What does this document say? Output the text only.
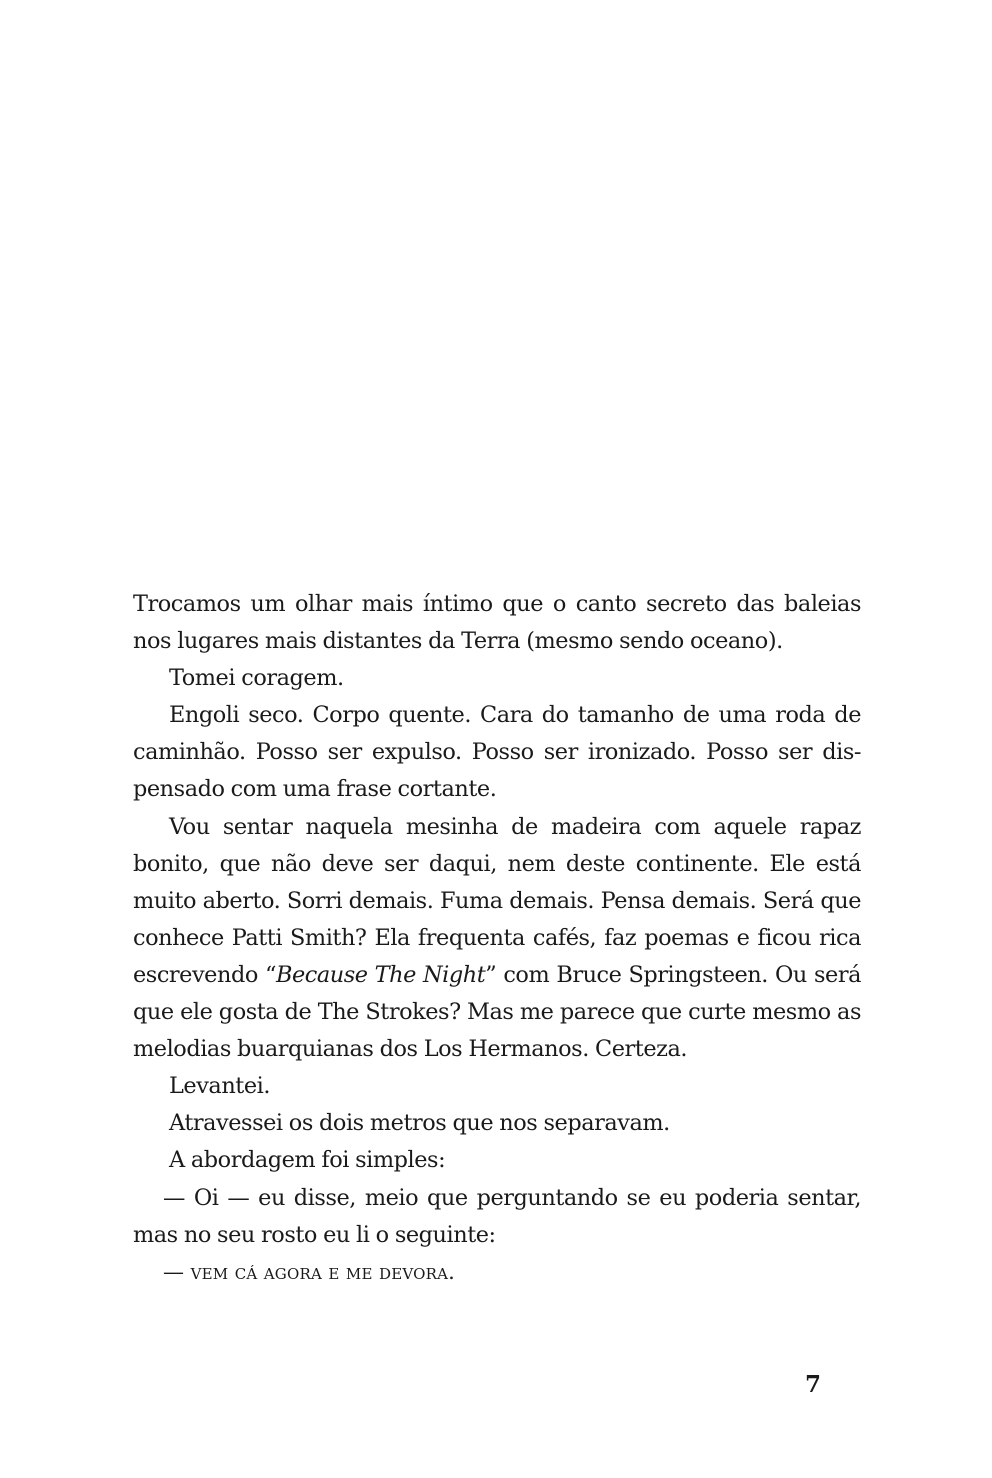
Trocamos um olhar mais íntimo que o canto secreto das baleias
nos lugares mais distantes da Terra (mesmo sendo oceano).
Tomei coragem.
Engoli seco. Corpo quente. Cara do tamanho de uma roda de
caminhão. Posso ser expulso. Posso ser ironizado. Posso ser dis-
pensado com uma frase cortante.
Vou sentar naquela mesinha de madeira com aquele rapaz
bonito, que não deve ser daqui, nem deste continente. Ele está
muito aberto. Sorri demais. Fuma demais. Pensa demais. Será que
conhece Patti Smith? Ela frequenta cafés, faz poemas e ficou rica
escrevendo “Because The Night” com Bruce Springsteen. Ou será
que ele gosta de The Strokes? Mas me parece que curte mesmo as
melodias buarquianas dos Los Hermanos. Certeza.
Levantei.
Atravessei os dois metros que nos separavam.
A abordagem foi simples:
— Oi — eu disse, meio que perguntando se eu poderia sentar,
mas no seu rosto eu li o seguinte:
— vem cá agora e me devora.
7
